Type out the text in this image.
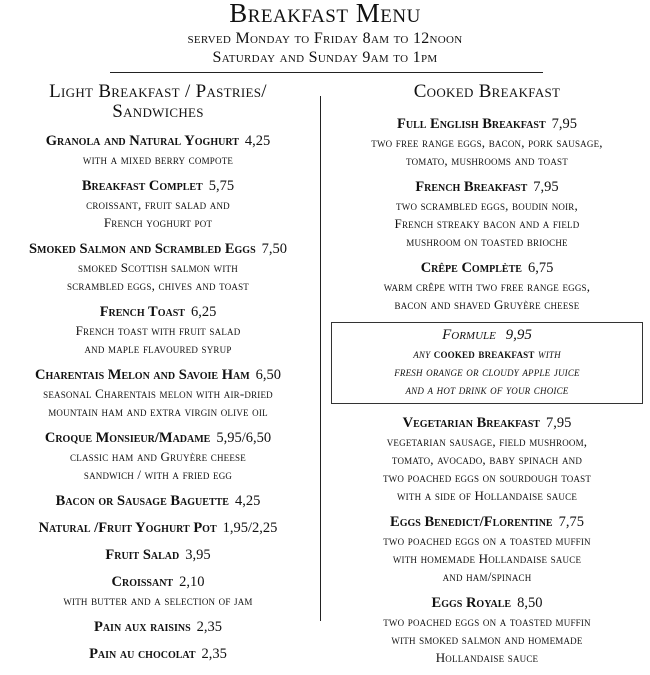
Breakfast Menu
served Monday to Friday 8am to 12noon
Saturday and Sunday 9am to 1pm
Light Breakfast / Pastries/
Sandwiches
Granola and Natural Yoghurt 4,25
with a mixed berry compote
Breakfast Complet 5,75
croissant, fruit salad and
French yoghurt pot
Smoked Salmon and Scrambled Eggs 7,50
smoked Scottish salmon with
scrambled eggs, chives and toast
French Toast 6,25
French toast with fruit salad
and maple flavoured syrup
Charentais Melon and Savoie Ham 6,50
seasonal Charentais melon with air-dried
mountain ham and extra virgin olive oil
Croque Monsieur/Madame 5,95/6,50
classic ham and Gruyère cheese
sandwich / with a fried egg
Bacon or Sausage Baguette 4,25
Natural /Fruit Yoghurt Pot 1,95/2,25
Fruit Salad 3,95
Croissant 2,10
with butter and a selection of jam
Pain aux raisins 2,35
Pain au chocolat 2,35
Cooked Breakfast
Full English Breakfast 7,95
two free range eggs, bacon, pork sausage,
tomato, mushrooms and toast
French Breakfast 7,95
two scrambled eggs, boudin noir,
French streaky bacon and a field
mushroom on toasted brioche
Crêpe Complète 6,75
warm crêpe with two free range eggs,
bacon and shaved Gruyère cheese
Formule 9,95
any cooked breakfast with
fresh orange or cloudy apple juice
and a hot drink of your choice
Vegetarian Breakfast 7,95
vegetarian sausage, field mushroom,
tomato, avocado, baby spinach and
two poached eggs on sourdough toast
with a side of Hollandaise sauce
Eggs Benedict/Florentine 7,75
two poached eggs on a toasted muffin
with homemade Hollandaise sauce
and ham/spinach
Eggs Royale 8,50
two poached eggs on a toasted muffin
with smoked salmon and homemade
Hollandaise sauce
